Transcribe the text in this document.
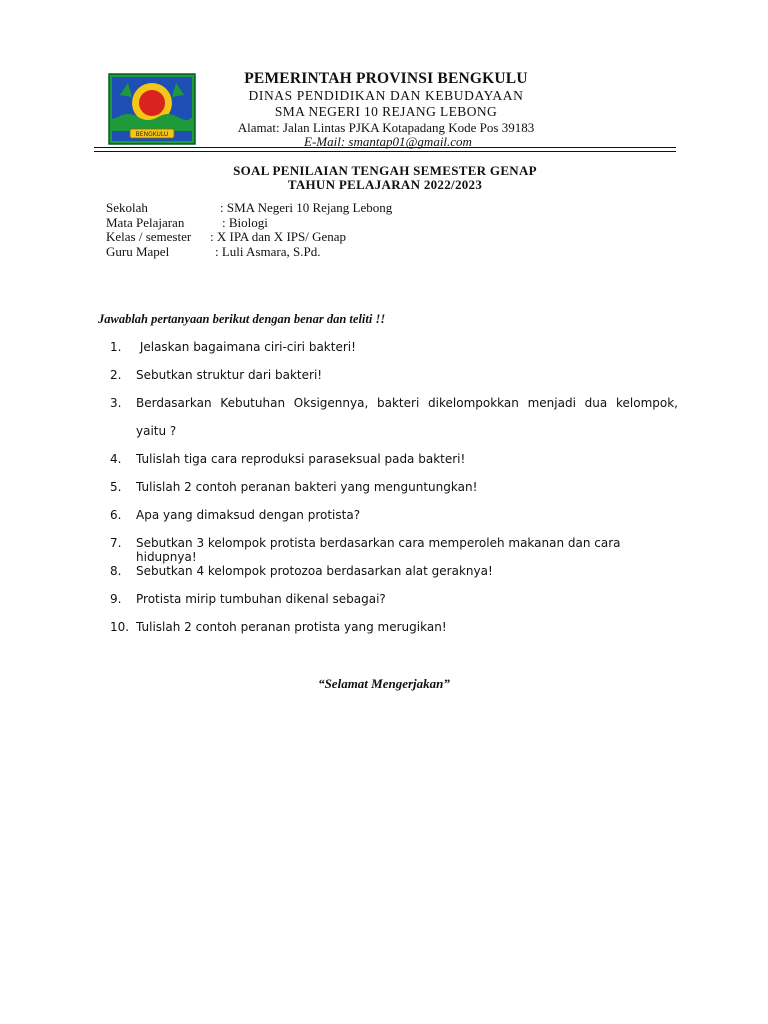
BENGKULU
PEMERINTAH PROVINSI BENGKULU
DINAS PENDIDIKAN DAN KEBUDAYAAN
SMA NEGERI 10 REJANG LEBONG
Alamat: Jalan Lintas PJKA Kotapadang Kode Pos 39183
E-Mail: smantap01@gmail.com
SOAL PENILAIAN TENGAH SEMESTER GENAP
TAHUN PELAJARAN 2022/2023
Sekolah	: SMA Negeri 10 Rejang Lebong
Mata Pelajaran	: Biologi
Kelas / semester	: X IPA dan X IPS/ Genap
Guru Mapel	: Luli Asmara, S.Pd.
Jawablah pertanyaan berikut dengan benar dan teliti !!
1.	Jelaskan bagaimana ciri-ciri bakteri!
2.	Sebutkan struktur dari bakteri!
3.	Berdasarkan Kebutuhan Oksigennya, bakteri dikelompokkan menjadi dua kelompok,
yaitu ?
4.	Tulislah tiga cara reproduksi paraseksual pada bakteri!
5.	Tulislah 2 contoh peranan bakteri yang menguntungkan!
6.	Apa yang dimaksud dengan protista?
7.	Sebutkan 3 kelompok protista berdasarkan cara memperoleh makanan dan cara hidupnya!
8.	Sebutkan 4 kelompok protozoa berdasarkan alat geraknya!
9.	Protista mirip tumbuhan dikenal sebagai?
10. Tulislah 2 contoh peranan protista yang merugikan!
“Selamat Mengerjakan”
